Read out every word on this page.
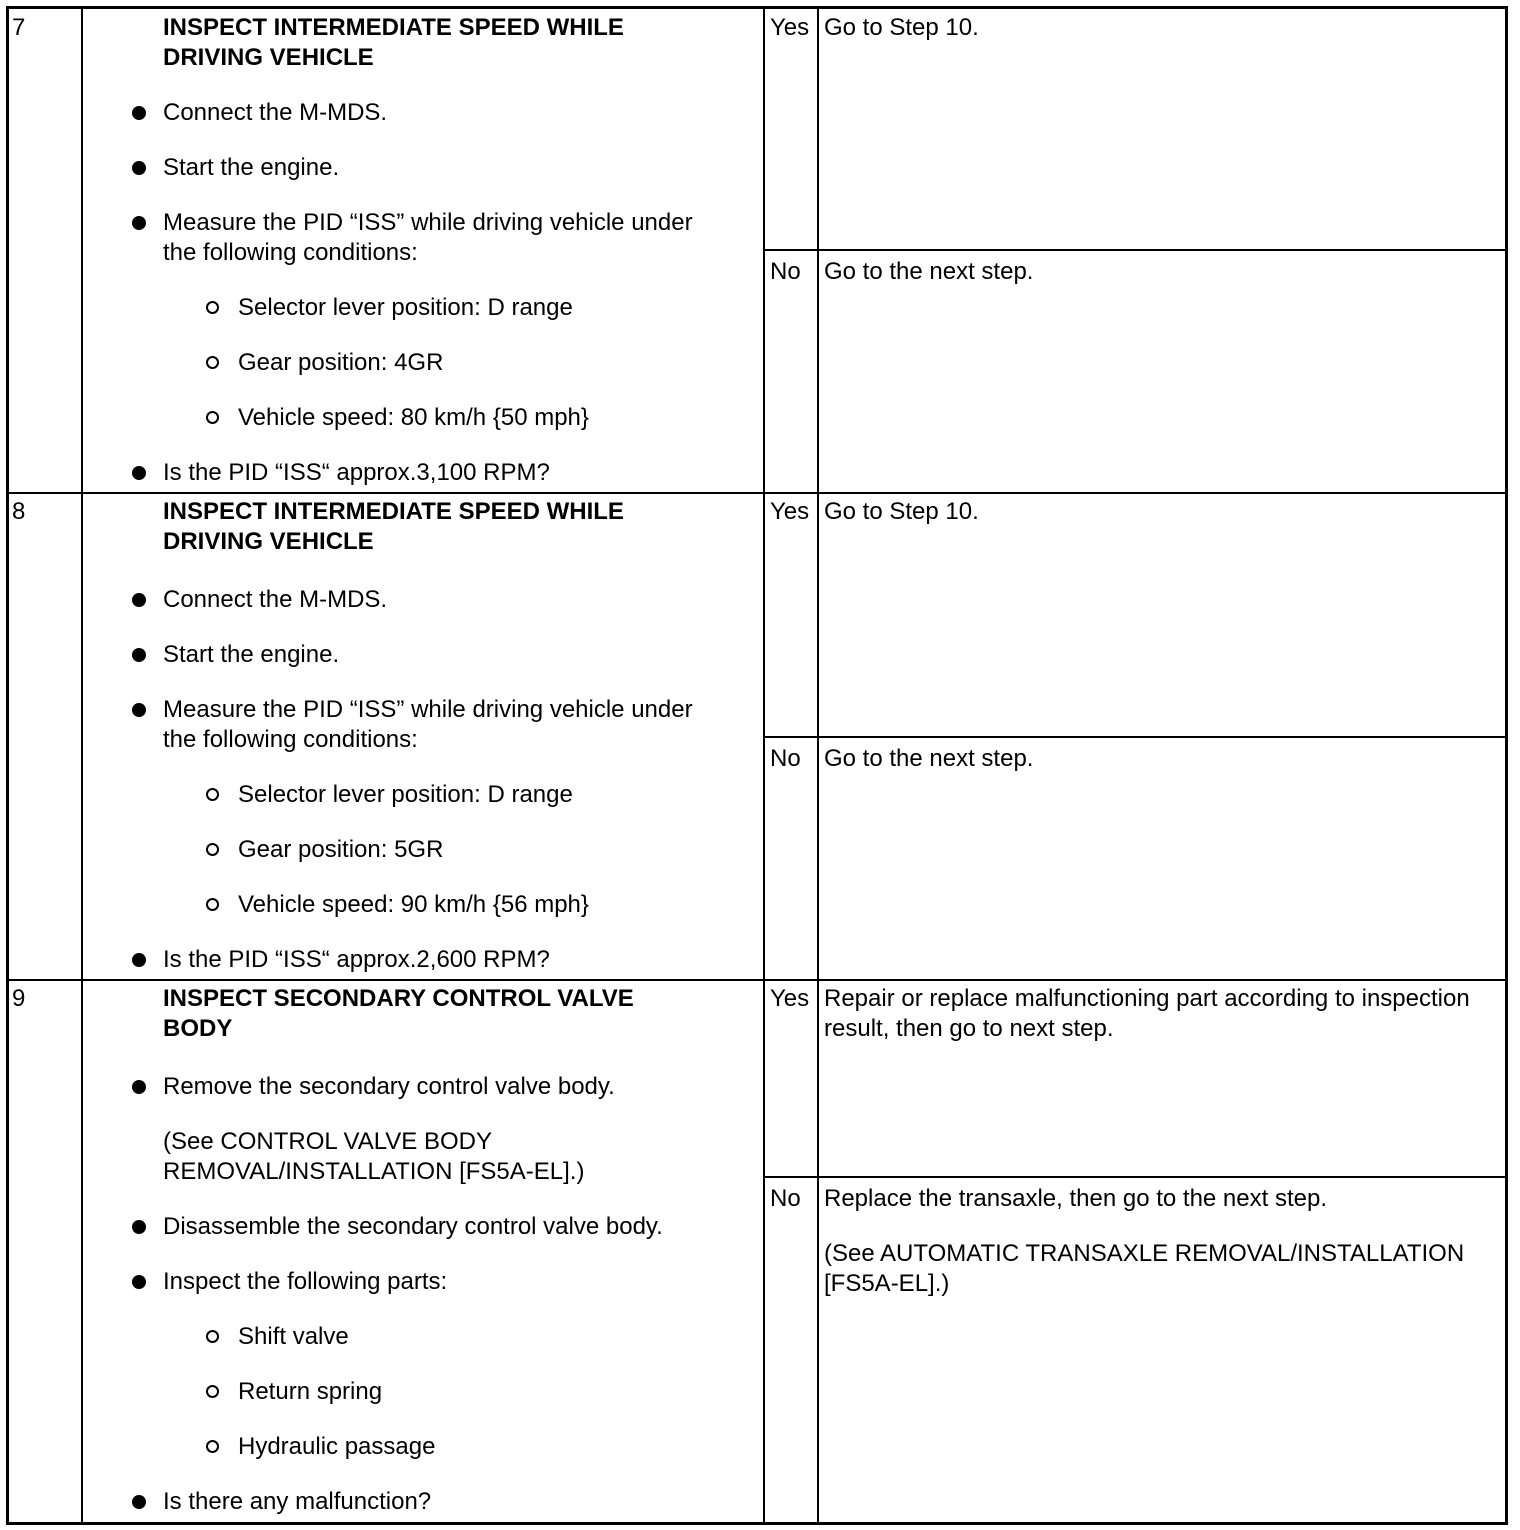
7	INSPECT INTERMEDIATE SPEED WHILE
DRIVING VEHICLE
Connect the M-MDS.
Start the engine.
Measure the PID “ISS” while driving vehicle under
the following conditions:
Selector lever position: D range
Gear position: 4GR
Vehicle speed: 80 km/h {50 mph}
Is the PID “ISS“ approx.3,100 RPM?
Yes Go to Step 10.
No Go to the next step.
8	INSPECT INTERMEDIATE SPEED WHILE
DRIVING VEHICLE
Connect the M-MDS.
Start the engine.
Measure the PID “ISS” while driving vehicle under
the following conditions:
Selector lever position: D range
Gear position: 5GR
Vehicle speed: 90 km/h {56 mph}
Is the PID “ISS“ approx.2,600 RPM?
Yes Go to Step 10.
No Go to the next step.
9	INSPECT SECONDARY CONTROL VALVE
BODY
Remove the secondary control valve body.
(See CONTROL VALVE BODY
REMOVAL/INSTALLATION [FS5A-EL].)
Disassemble the secondary control valve body.
Inspect the following parts:
Shift valve
Return spring
Hydraulic passage
Is there any malfunction?
Yes Repair or replace malfunctioning part according to inspection
result, then go to next step.
No Replace the transaxle, then go to the next step.
(See AUTOMATIC TRANSAXLE REMOVAL/INSTALLATION
[FS5A-EL].)
